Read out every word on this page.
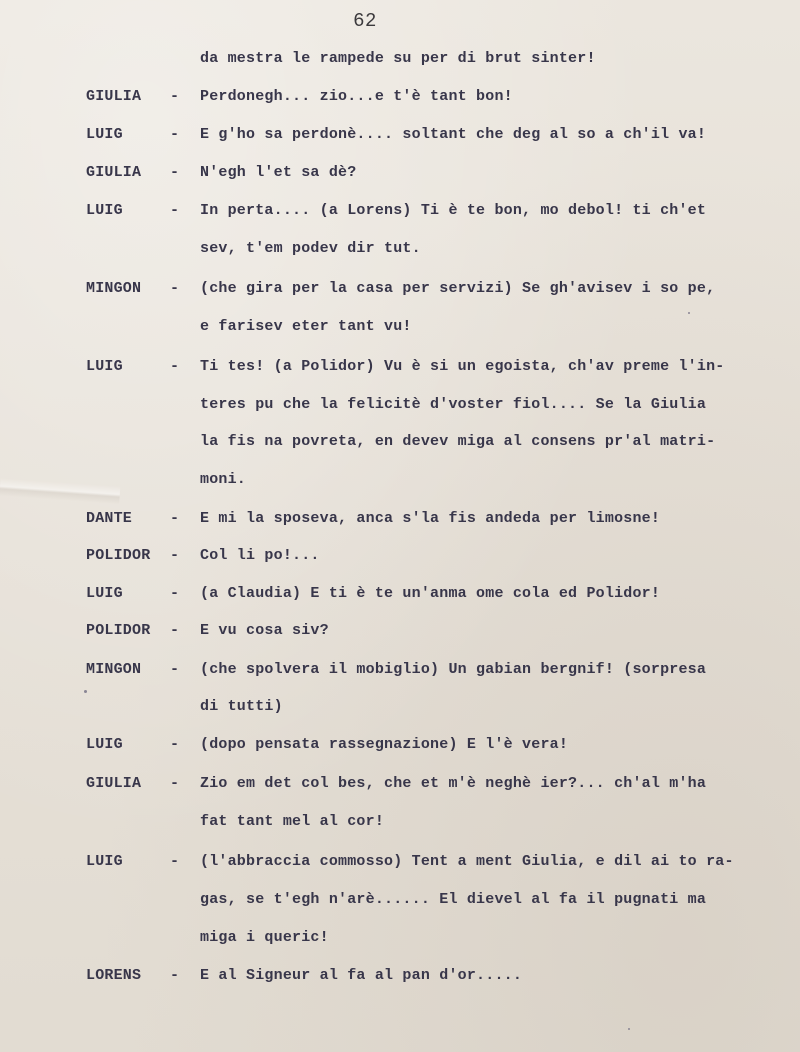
62
da mestra le rampede su per di brut sinter!
GIULIA	-	Perdonegh... zio...e t'è tant bon!
LUIG	-	E g'ho sa perdonè.... soltant che deg al so a ch'il va!
GIULIA	-	N'egh l'et sa dè?
LUIG	-	In perta.... (a Lorens) Ti è te bon, mo debol! ti ch'et
sev, t'em podev dir tut.
MINGON	-	(che gira per la casa per servizi) Se gh'avisev i so pe,
e farisev eter tant vu!
LUIG	-	Ti tes! (a Polidor) Vu è si un egoista, ch'av preme l'in-
teres pu che la felicitè d'voster fiol.... Se la Giulia
la fis na povreta, en devev miga al consens pr'al matri-
moni.
DANTE	-	E mi la sposeva, anca s'la fis andeda per limosne!
POLIDOR	-	Col li po!...
LUIG	-	(a Claudia) E ti è te un'anma ome cola ed Polidor!
POLIDOR	-	E vu cosa siv?
MINGON	-	(che spolvera il mobiglio) Un gabian bergnif! (sorpresa
di tutti)
LUIG	-	(dopo pensata rassegnazione) E l'è vera!
GIULIA	-	Zio em det col bes, che et m'è neghè ier?... ch'al m'ha
fat tant mel al cor!
LUIG	-	(l'abbraccia commosso) Tent a ment Giulia, e dil ai to ra-
gas, se t'egh n'arè...... El dievel al fa il pugnati ma
miga i queric!
LORENS	-	E al Signeur al fa al pan d'or.....
